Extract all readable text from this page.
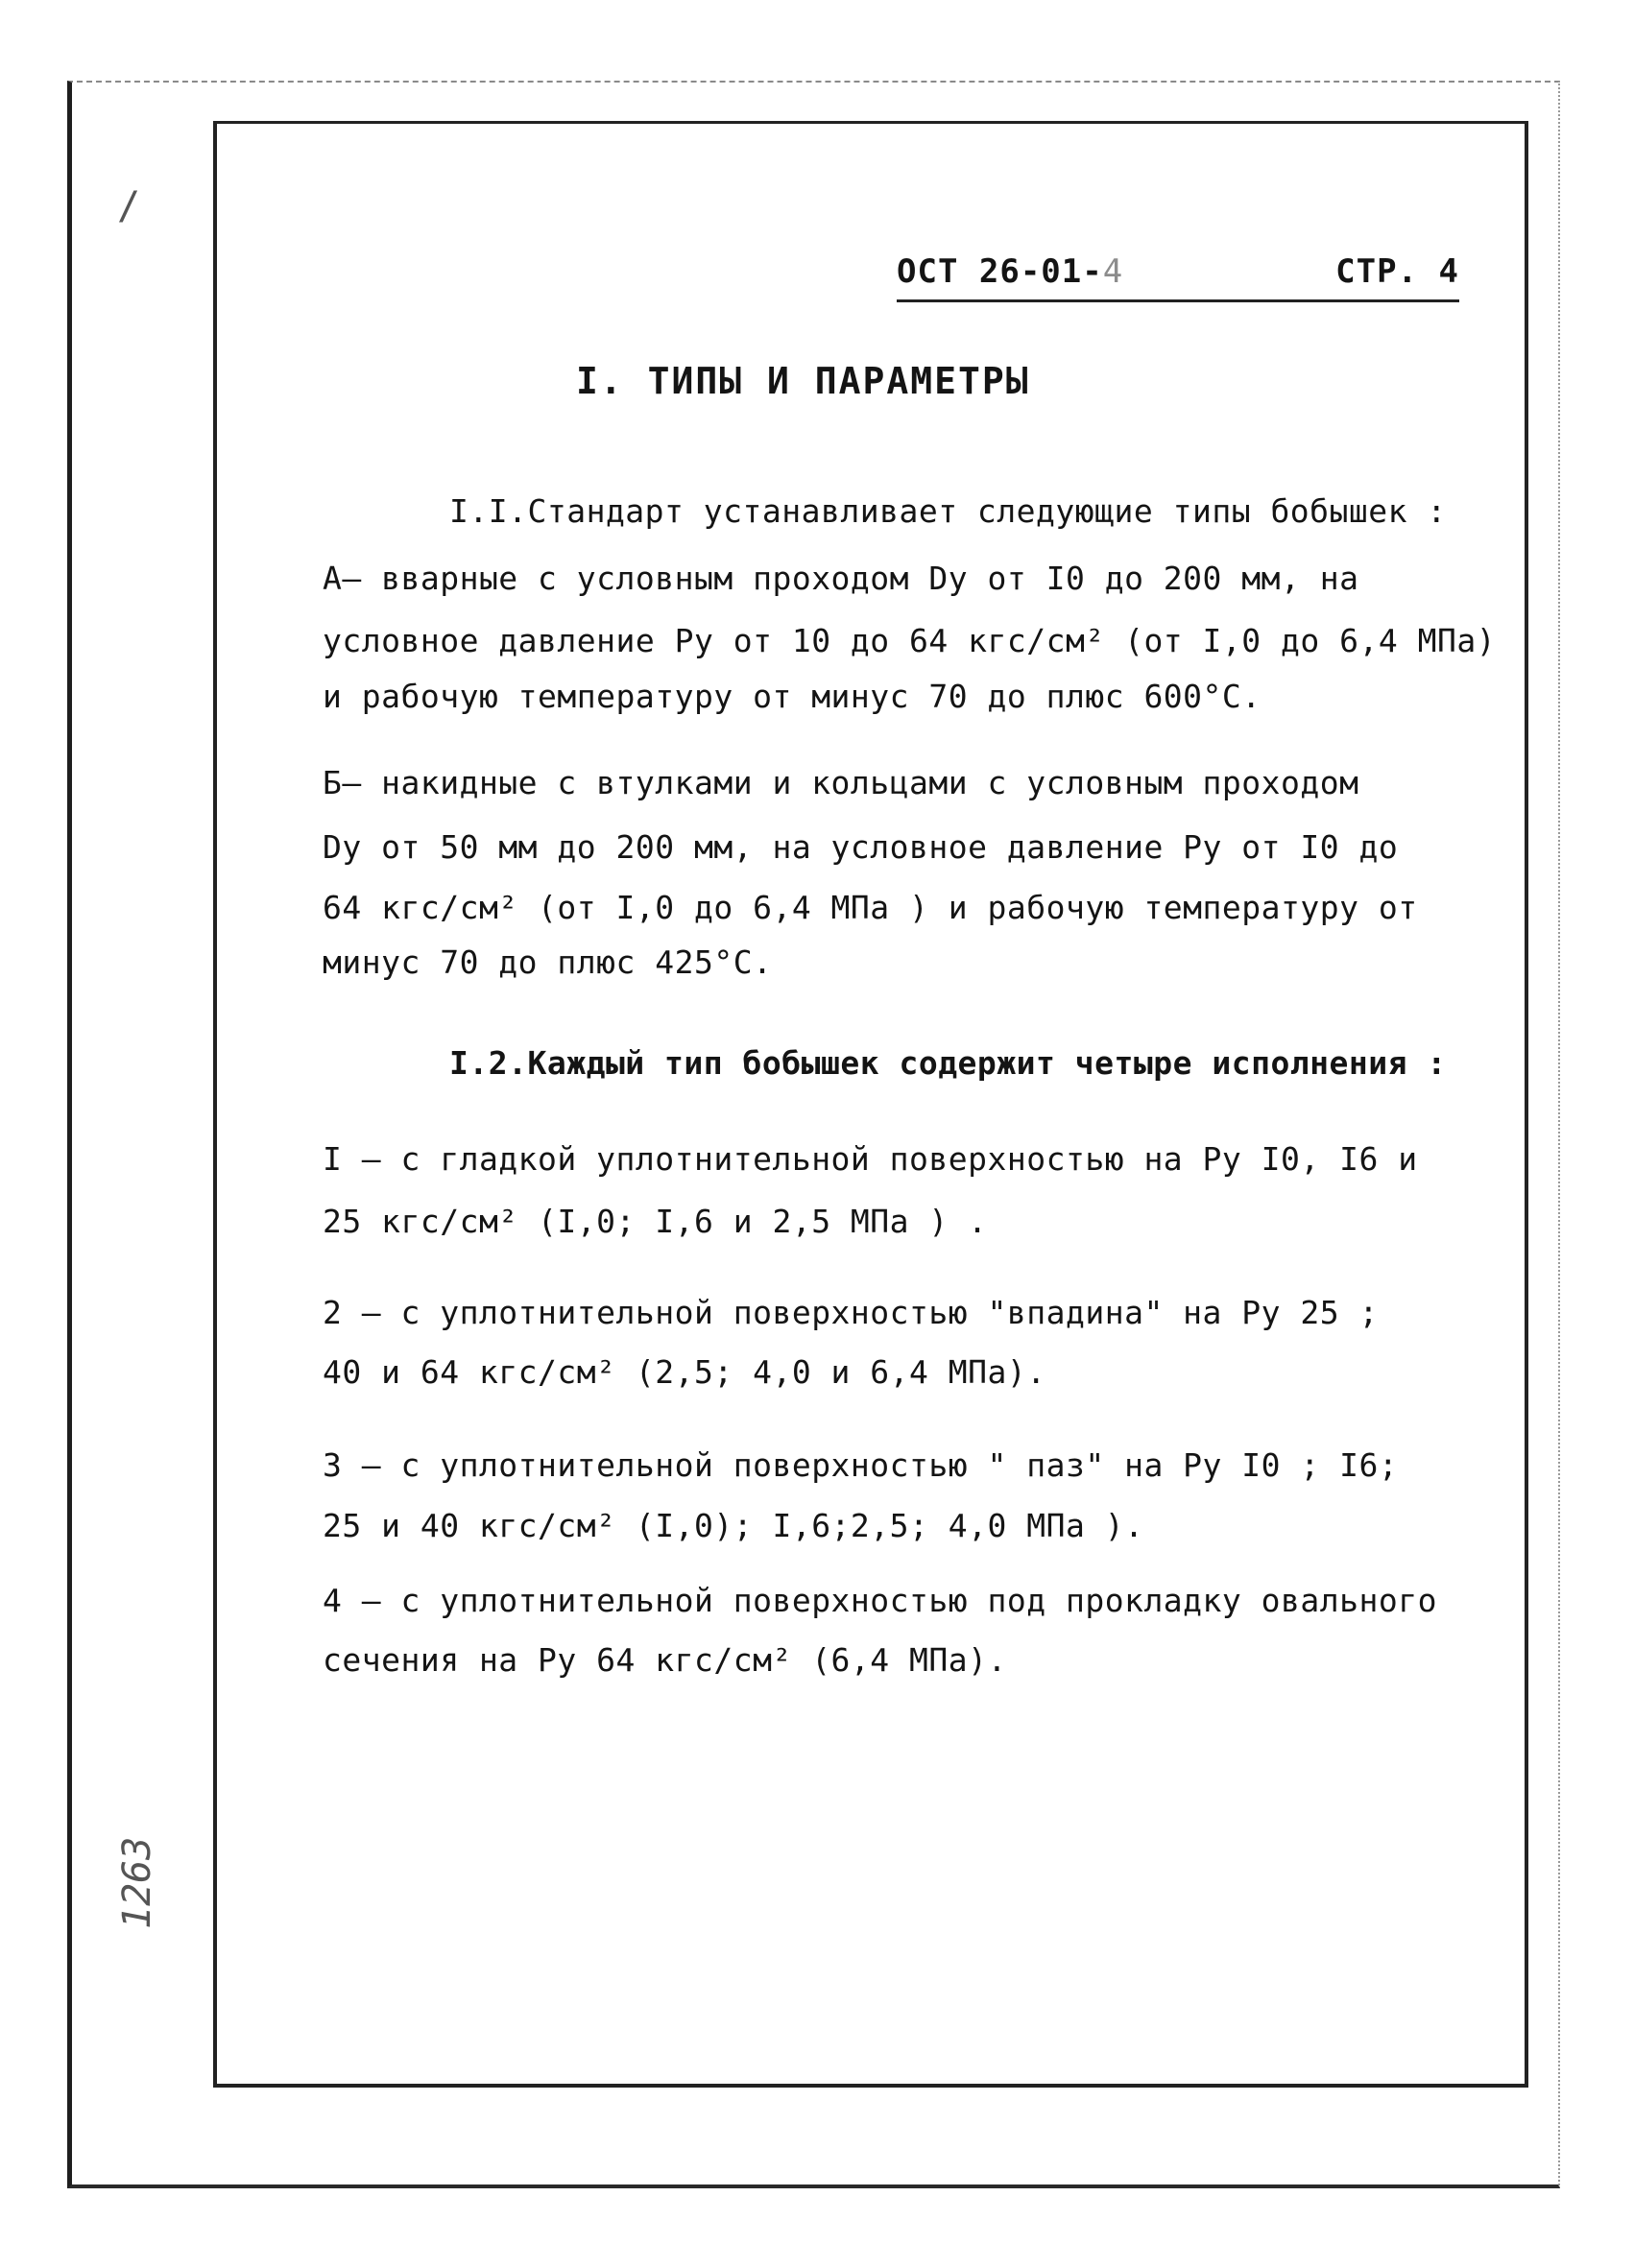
/
ОСТ 26-01-4	СТР. 4
I. ТИПЫ И ПАРАМЕТРЫ
I.I.Стандарт устанавливает следующие типы бобышек :
А– вварные с условным проходом Dу от I0 до 200 мм, на
условное давление Ру от 10 до 64 кгс/см² (от I,0 до 6,4 МПа)
и рабочую температуру от минус 70 до плюс 600°С.
Б– накидные с втулками и кольцами с условным проходом
Dу от 50 мм до 200 мм, на условное давление Ру от I0 до
64 кгс/см² (от I,0 до 6,4 МПа ) и рабочую температуру от
минус 70 до плюс 425°С.
I.2.Каждый тип бобышек содержит четыре исполнения :
I – с гладкой уплотнительной поверхностью на Ру I0, I6 и
25 кгс/см² (I,0; I,6 и 2,5 МПа ) .
2 – с уплотнительной поверхностью "впадина" на Ру 25 ;
40 и 64 кгс/см² (2,5; 4,0 и 6,4 МПа).
3 – с уплотнительной поверхностью " паз" на Ру I0 ; I6;
25 и 40 кгс/см² (I,0); I,6;2,5; 4,0 МПа ).
4 – с уплотнительной поверхностью под прокладку овального
сечения на Ру 64 кгс/см² (6,4 МПа).
1263
